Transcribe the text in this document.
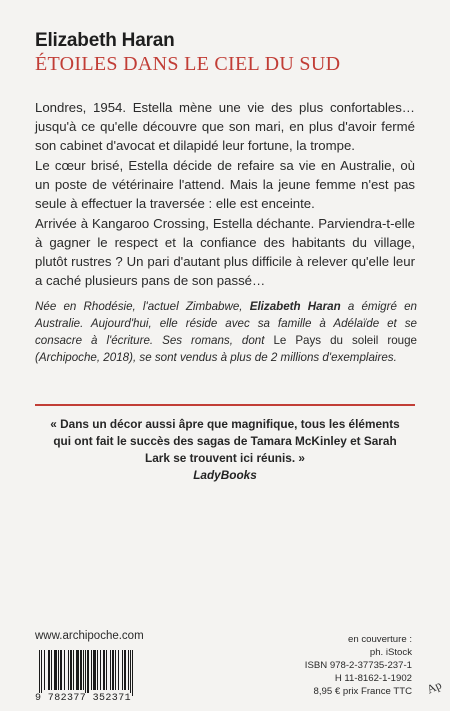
Elizabeth Haran
ÉTOILES DANS LE CIEL DU SUD

Londres, 1954. Estella mène une vie des plus confortables… jusqu'à ce qu'elle découvre que son mari, en plus d'avoir fermé son cabinet d'avocat et dilapidé leur fortune, la trompe.

Le cœur brisé, Estella décide de refaire sa vie en Australie, où un poste de vétérinaire l'attend. Mais la jeune femme n'est pas seule à effectuer la traversée : elle est enceinte.

Arrivée à Kangaroo Crossing, Estella déchante. Parviendra-t-elle à gagner le respect et la confiance des habitants du village, plutôt rustres ? Un pari d'autant plus difficile à relever qu'elle leur a caché plusieurs pans de son passé…

Née en Rhodésie, l'actuel Zimbabwe, Elizabeth Haran a émigré en Australie. Aujourd'hui, elle réside avec sa famille à Adélaïde et se consacre à l'écriture. Ses romans, dont Le Pays du soleil rouge (Archipoche, 2018), se sont vendus à plus de 2 millions d'exemplaires.

« Dans un décor aussi âpre que magnifique, tous les éléments qui ont fait le succès des sagas de Tamara McKinley et Sarah Lark se trouvent ici réunis. »

LadyBooks

www.archipoche.com
9 782377 352371
en couverture :
ph. iStock
ISBN 978-2-37735-237-1
H 11-8162-1-1902
8,95 € prix France TTC Ap
